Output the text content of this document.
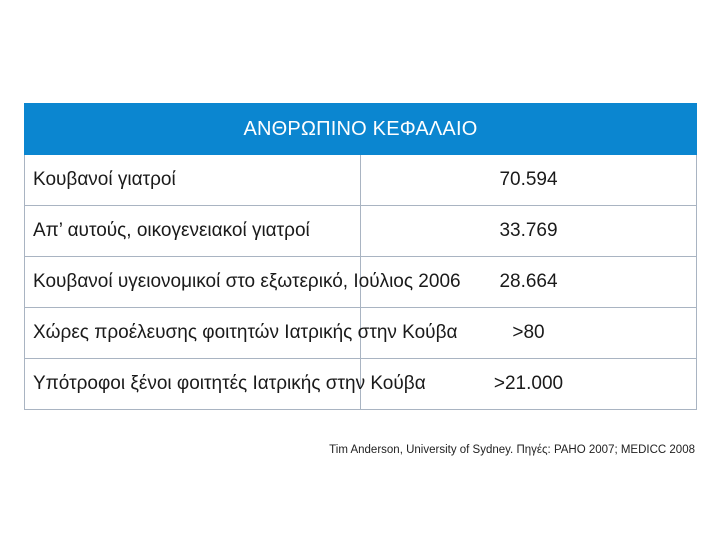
ΑΝΘΡΩΠΙΝΟ ΚΕΦΑΛΑΙΟ	
Κουβανοί γιατροί	70.594
Απ’ αυτούς, οικογενειακοί γιατροί	33.769
Κουβανοί υγειονομικοί στο εξωτερικό, Ιούλιος 2006	28.664
Χώρες προέλευσης φοιτητών Ιατρικής στην Κούβα	>80
Υπότροφοι ξένοι φοιτητές Ιατρικής στην Κούβα	>21.000
Tim Anderson, University of Sydney. Πηγές: PAHO 2007; MEDICC 2008
